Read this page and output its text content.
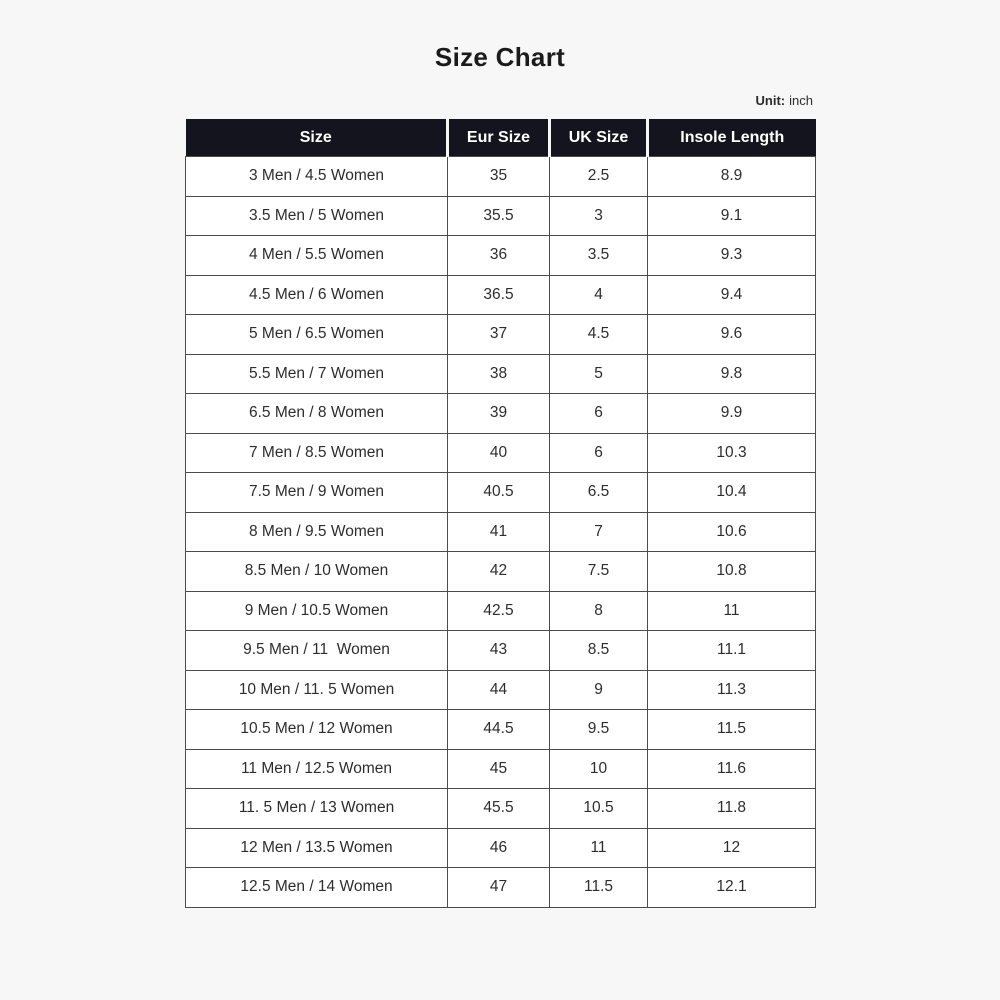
Size Chart
Unit: inch
Size	Eur Size	UK Size	Insole Length
3 Men / 4.5 Women	35	2.5	8.9
3.5 Men / 5 Women	35.5	3	9.1
4 Men / 5.5 Women	36	3.5	9.3
4.5 Men / 6 Women	36.5	4	9.4
5 Men / 6.5 Women	37	4.5	9.6
5.5 Men / 7 Women	38	5	9.8
6.5 Men / 8 Women	39	6	9.9
7 Men / 8.5 Women	40	6	10.3
7.5 Men / 9 Women	40.5	6.5	10.4
8 Men / 9.5 Women	41	7	10.6
8.5 Men / 10 Women	42	7.5	10.8
9 Men / 10.5 Women	42.5	8	11
9.5 Men / 11  Women	43	8.5	11.1
10 Men / 11. 5 Women	44	9	11.3
10.5 Men / 12 Women	44.5	9.5	11.5
11 Men / 12.5 Women	45	10	11.6
11. 5 Men / 13 Women	45.5	10.5	11.8
12 Men / 13.5 Women	46	11	12
12.5 Men / 14 Women	47	11.5	12.1
